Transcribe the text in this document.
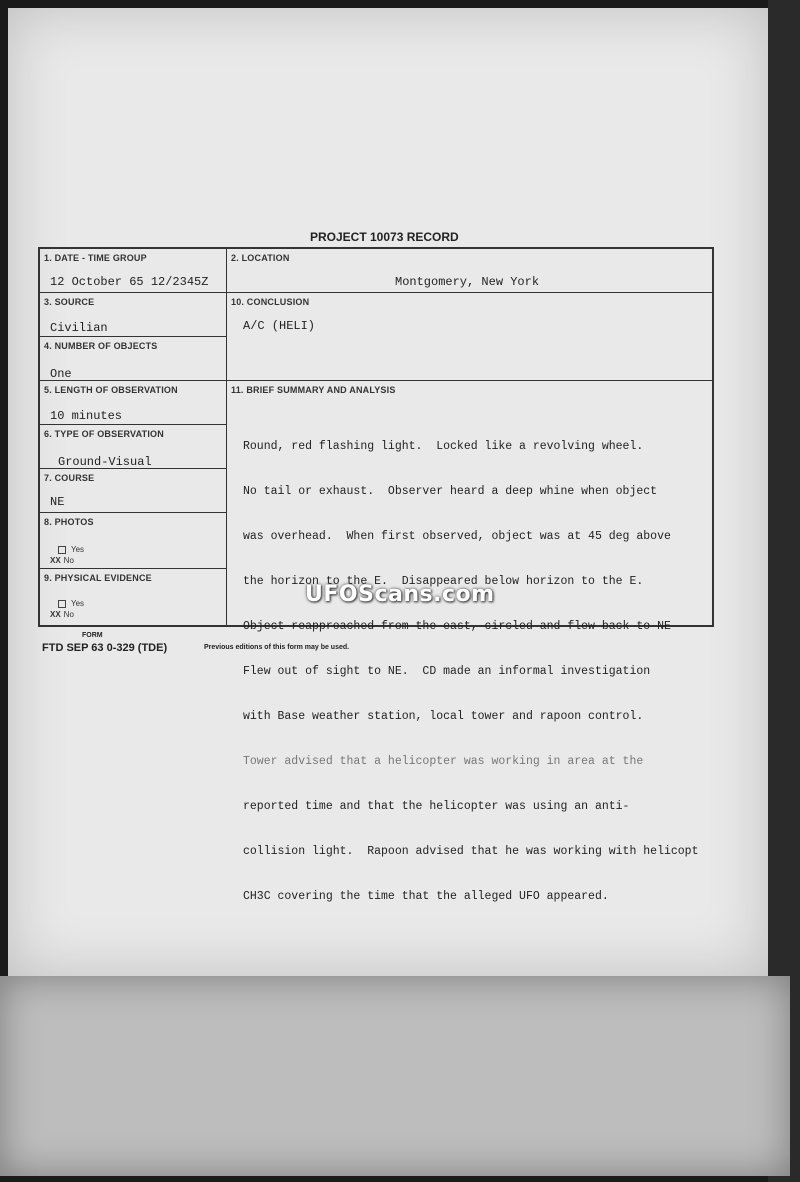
PROJECT 10073 RECORD
1. DATE - TIME GROUP
12 October 65 12/2345Z
2. LOCATION
Montgomery, New York
3. SOURCE
Civilian
10. CONCLUSION
A/C (HELI)
4. NUMBER OF OBJECTS
One
5. LENGTH OF OBSERVATION
10 minutes
11. BRIEF SUMMARY AND ANALYSIS

Round, red flashing light.  Locked like a revolving wheel.

No tail or exhaust.  Observer heard a deep whine when object

was overhead.  When first observed, object was at 45 deg above

the horizon to the E.  Disappeared below horizon to the E.

Object reapproached from the east, circled and flew back to NE

Flew out of sight to NE.  CD made an informal investigation

with Base weather station, local tower and rapoon control.

Tower advised that a helicopter was working in area at the

reported time and that the helicopter was using an anti-

collision light.  Rapoon advised that he was working with helicopt

CH3C covering the time that the alleged UFO appeared.

6. TYPE OF OBSERVATION
Ground-Visual
7. COURSE
NE
8. PHOTOS
Yes
XX No
9. PHYSICAL EVIDENCE
Yes
XX No
UFOScans.com
FORM
FTD SEP 63 0-329 (TDE)	Previous editions of this form may be used.
